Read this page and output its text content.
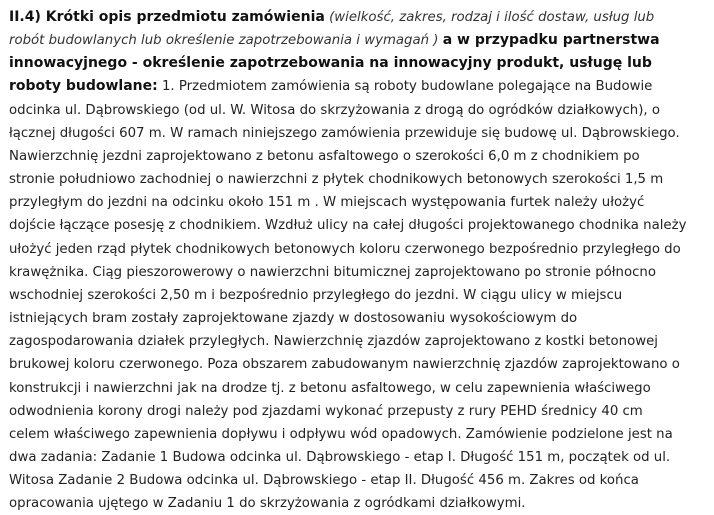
II.4) Krótki opis przedmiotu zamówienia (wielkość, zakres, rodzaj i ilość dostaw, usług lub robót budowlanych lub określenie zapotrzebowania i wymagań ) a w przypadku partnerstwa innowacyjnego - określenie zapotrzebowania na innowacyjny produkt, usługę lub roboty budowlane: 1. Przedmiotem zamówienia są roboty budowlane polegające na Budowie odcinka ul. Dąbrowskiego (od ul. W. Witosa do skrzyżowania z drogą do ogródków działkowych), o łącznej długości 607 m. W ramach niniejszego zamówienia przewiduje się budowę ul. Dąbrowskiego. Nawierzchnię jezdni zaprojektowano z betonu asfaltowego o szerokości 6,0 m z chodnikiem po stronie południowo zachodniej o nawierzchni z płytek chodnikowych betonowych szerokości 1,5 m przyległym do jezdni na odcinku około 151 m . W miejscach występowania furtek należy ułożyć dojście łączące posesję z chodnikiem. Wzdłuż ulicy na całej długości projektowanego chodnika należy ułożyć jeden rząd płytek chodnikowych betonowych koloru czerwonego bezpośrednio przyległego do krawężnika. Ciąg pieszorowerowy o nawierzchni bitumicznej zaprojektowano po stronie północno wschodniej szerokości 2,50 m i bezpośrednio przyległego do jezdni. W ciągu ulicy w miejscu istniejących bram zostały zaprojektowane zjazdy w dostosowaniu wysokościowym do zagospodarowania działek przyległych. Nawierzchnię zjazdów zaprojektowano z kostki betonowej brukowej koloru czerwonego. Poza obszarem zabudowanym nawierzchnię zjazdów zaprojektowano o konstrukcji i nawierzchni jak na drodze tj. z betonu asfaltowego, w celu zapewnienia właściwego odwodnienia korony drogi należy pod zjazdami wykonać przepusty z rury PEHD średnicy 40 cm celem właściwego zapewnienia dopływu i odpływu wód opadowych. Zamówienie podzielone jest na dwa zadania: Zadanie 1 Budowa odcinka ul. Dąbrowskiego - etap I. Długość 151 m, początek od ul. Witosa Zadanie 2 Budowa odcinka ul. Dąbrowskiego - etap II. Długość 456 m. Zakres od końca opracowania ujętego w Zadaniu 1 do skrzyżowania z ogródkami działkowymi.
